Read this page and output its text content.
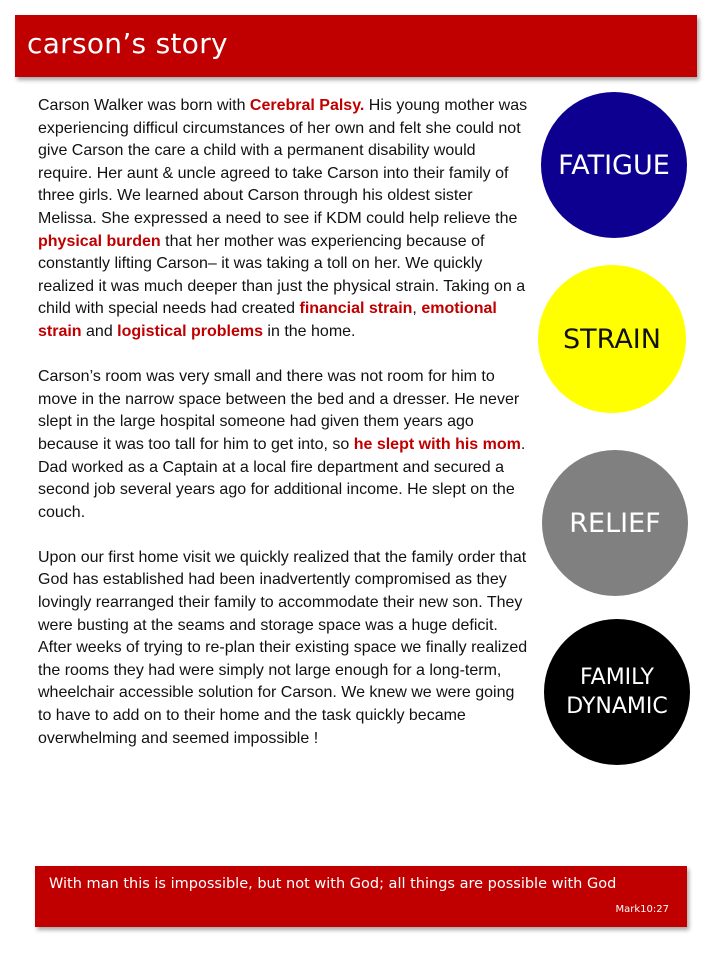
carson’s story

Carson Walker was born with Cerebral Palsy. His young mother was experiencing difficul circumstances of her own and felt she could not give Carson the care a child with a permanent disability would require. Her aunt & uncle agreed to take Carson into their family of three girls. We learned about Carson through his oldest sister Melissa. She expressed a need to see if KDM could help relieve the physical burden that her mother was experiencing because of constantly lifting Carson– it was taking a toll on her. We quickly realized it was much deeper than just the physical strain. Taking on a child with special needs had created financial strain, emotional strain and logistical problems in the home.

Carson’s room was very small and there was not room for him to move in the narrow space between the bed and a dresser. He never slept in the large hospital someone had given them years ago because it was too tall for him to get into, so he slept with his mom. Dad worked as a Captain at a local fire department and secured a second job several years ago for additional income. He slept on the couch.

Upon our first home visit we quickly realized that the family order that God has established had been inadvertently compromised as they lovingly rearranged their family to accommodate their new son. They were busting at the seams and storage space was a huge deficit. After weeks of trying to re-plan their existing space we finally realized the rooms they had were simply not large enough for a long-term, wheelchair accessible solution for Carson. We knew we were going to have to add on to their home and the task quickly became overwhelming and seemed impossible !

FATIGUE
STRAIN
RELIEF
FAMILY
DYNAMIC
With man this is impossible, but not with God; all things are possible with God
Mark10:27
